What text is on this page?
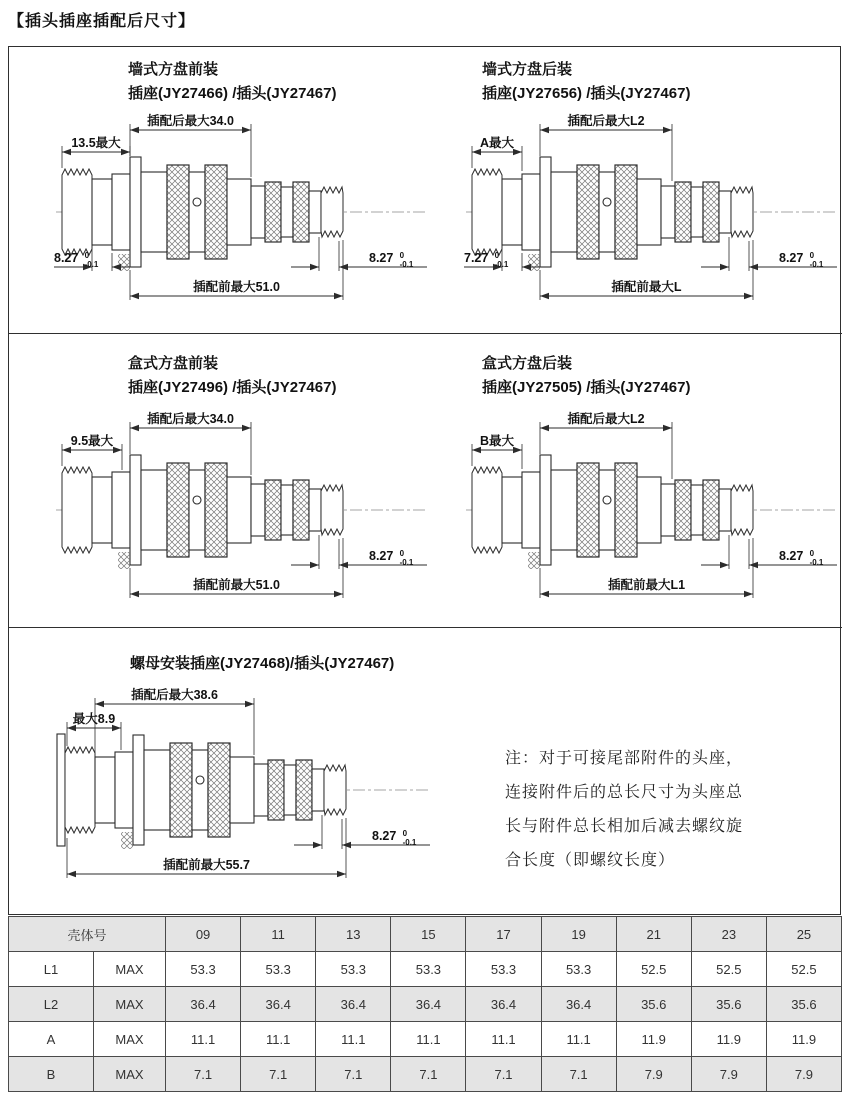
【插头插座插配后尺寸】
墙式方盘前装
插座(JY27466) /插头(JY27467)
墙式方盘后装
插座(JY27656) /插头(JY27467)
盒式方盘前装
插座(JY27496) /插头(JY27467)
盒式方盘后装
插座(JY27505) /插头(JY27467)
螺母安装插座(JY27468)/插头(JY27467)
插配后最大34.0
13.5最大
8.27 0
-0.1	8.27 0
-0.1
插配前最大51.0
插配后最大L2
A最大
7.27 0
-0.1	8.27 0
-0.1
插配前最大L
插配后最大34.0
9.5最大
8.27 0
-0.1
插配前最大51.0
插配后最大L2
B最大
8.27 0
-0.1
插配前最大L1
插配后最大38.6
最大8.9
8.27 0
-0.1
插配前最大55.7
注：对于可接尾部附件的头座，
连接附件后的总长尺寸为头座总
长与附件总长相加后减去螺纹旋
合长度（即螺纹长度）
壳体号		09	11	13	15	17	19	21	23	25
L1	MAX	53.3	53.3	53.3	53.3	53.3	53.3	52.5	52.5	52.5
L2	MAX	36.4	36.4	36.4	36.4	36.4	36.4	35.6	35.6	35.6
A	MAX	11.1	11.1	11.1	11.1	11.1	11.1	11.9	11.9	11.9
B	MAX	7.1	7.1	7.1	7.1	7.1	7.1	7.9	7.9	7.9
